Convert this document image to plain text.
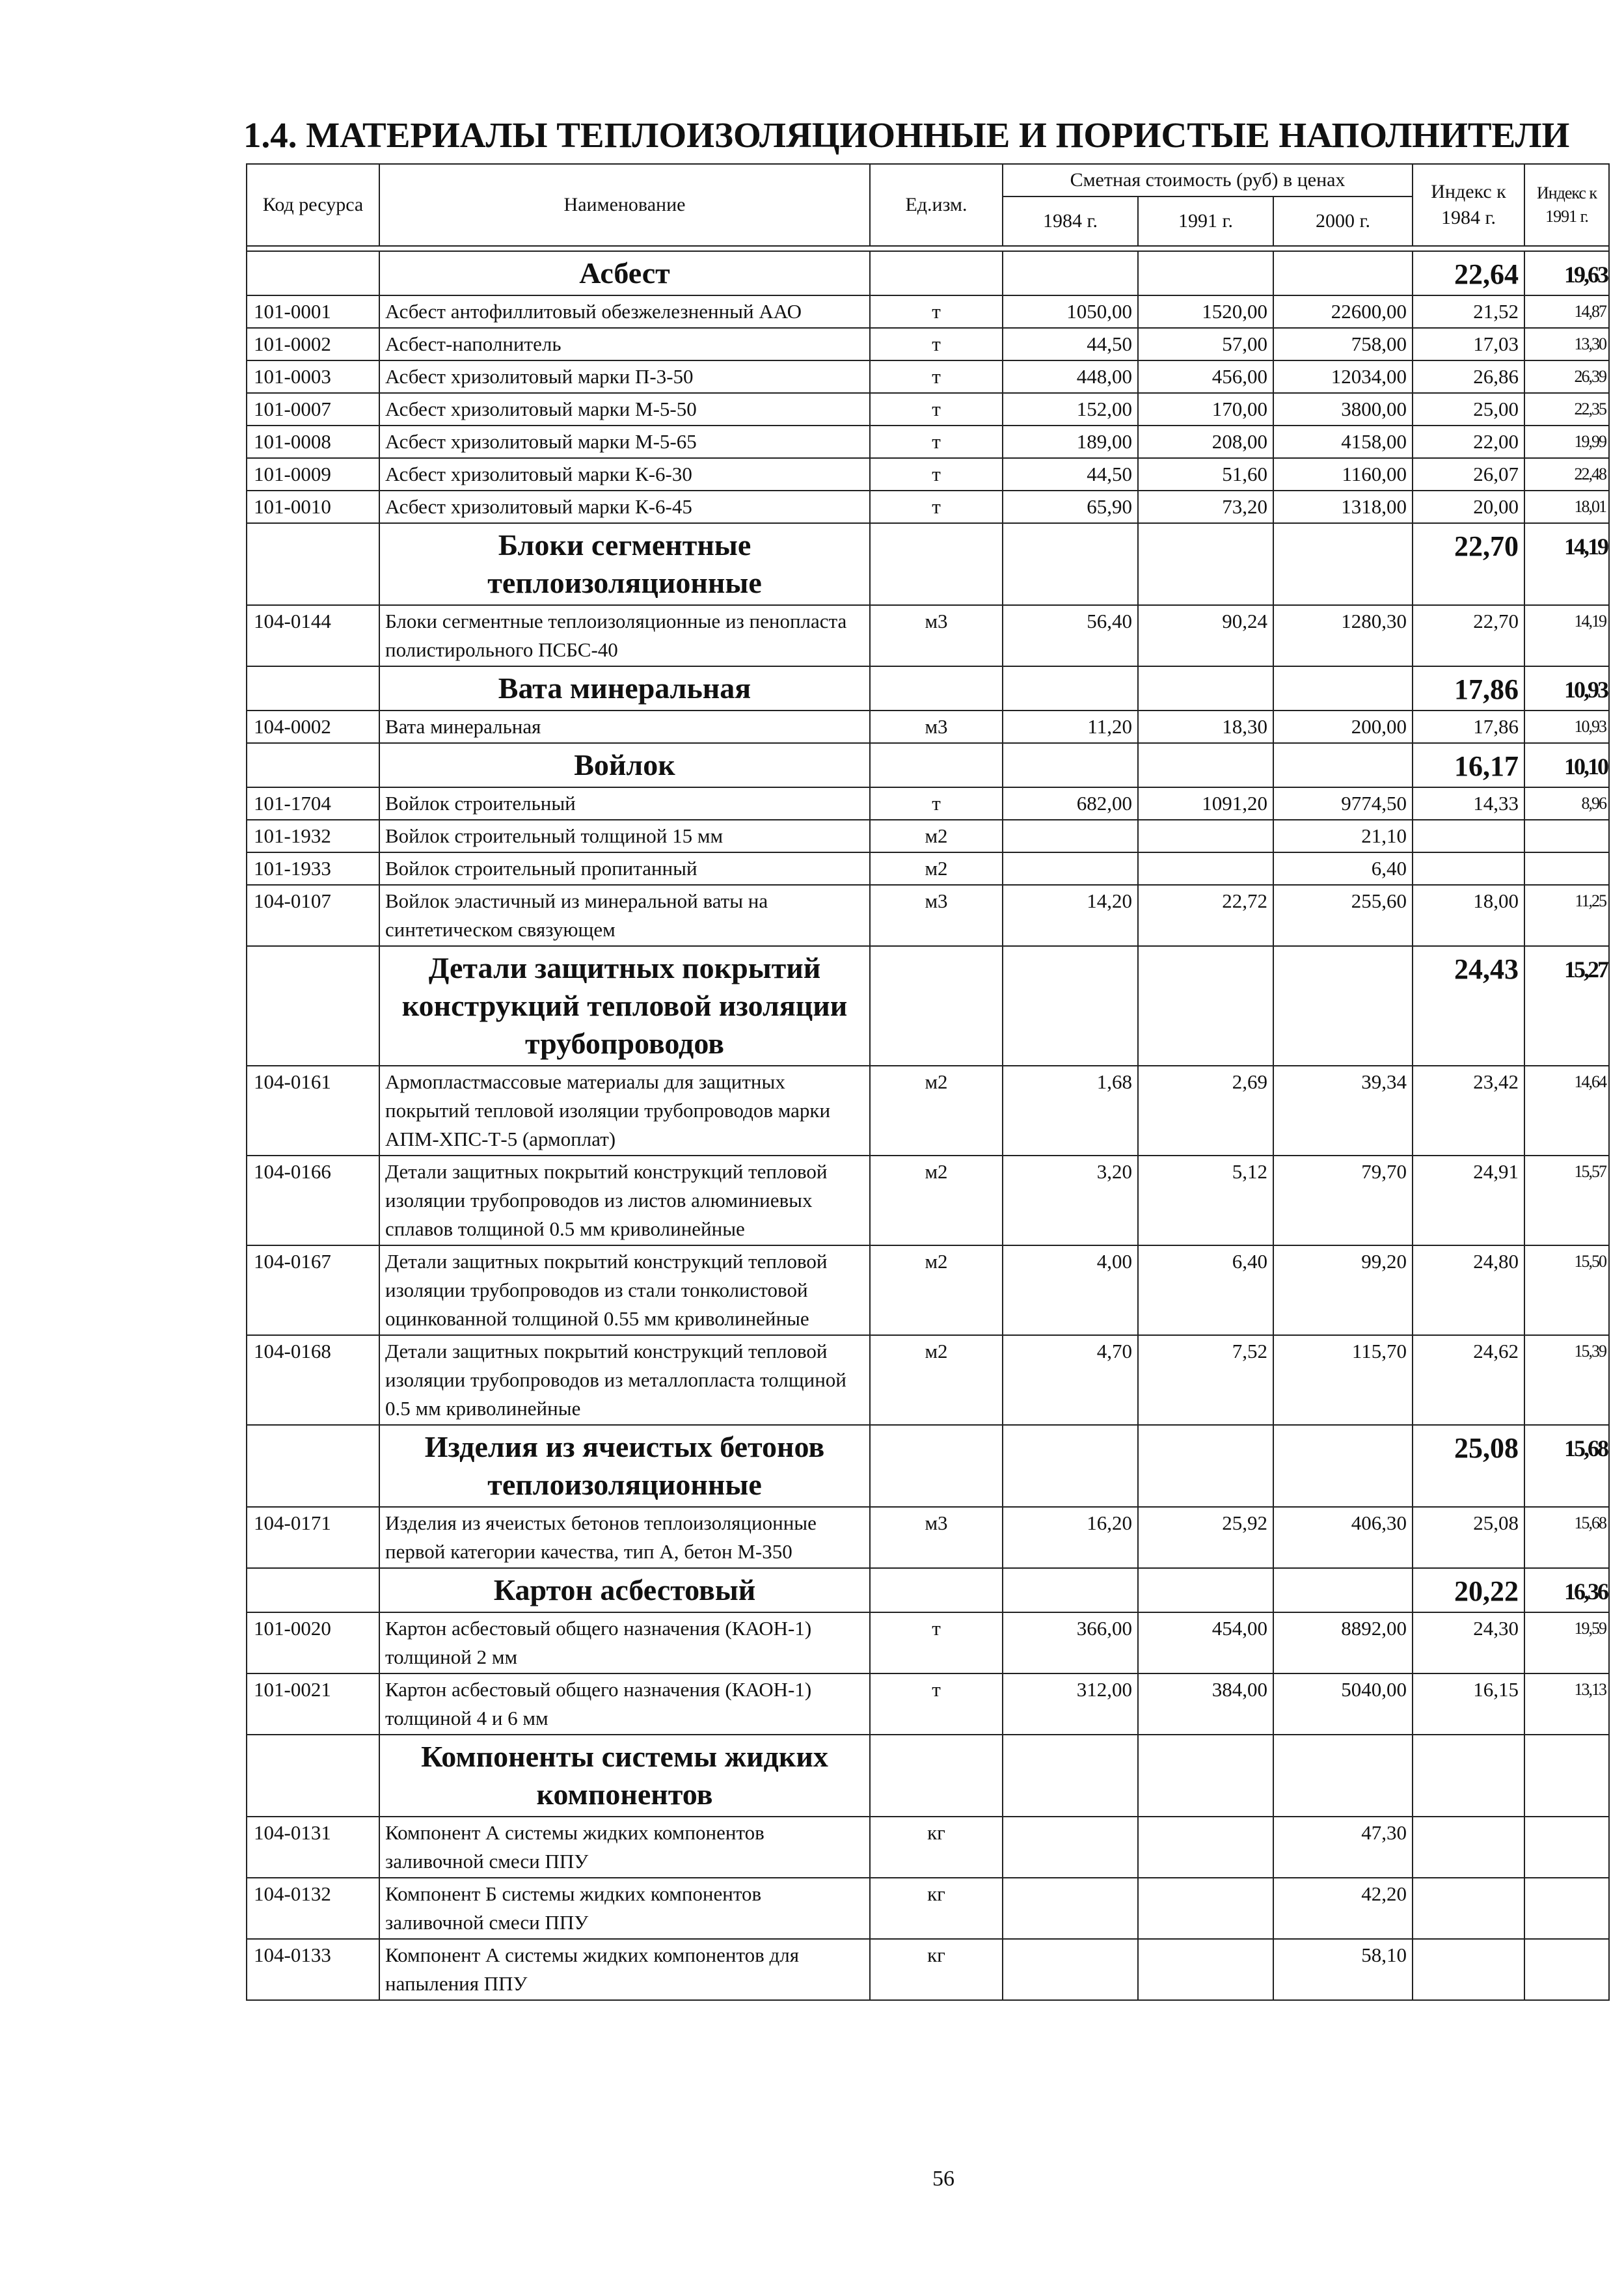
1.4. МАТЕРИАЛЫ ТЕПЛОИЗОЛЯЦИОННЫЕ И ПОРИСТЫЕ НАПОЛНИТЕЛИ
Код ресурса	Наименование	Ед.изм.	Сметная стоимость (руб) в ценах			Индекс к 1984 г.	Индекс к 1991 г.
			1984 г.	1991 г.	2000 г.		

	Асбест					22,64	19,63
101-0001	Асбест антофиллитовый обезжелезненный ААО	т	1050,00	1520,00	22600,00	21,52	14,87
101-0002	Асбест-наполнитель	т	44,50	57,00	758,00	17,03	13,30
101-0003	Асбест хризолитовый марки П-3-50	т	448,00	456,00	12034,00	26,86	26,39
101-0007	Асбест хризолитовый марки М-5-50	т	152,00	170,00	3800,00	25,00	22,35
101-0008	Асбест хризолитовый марки М-5-65	т	189,00	208,00	4158,00	22,00	19,99
101-0009	Асбест хризолитовый марки К-6-30	т	44,50	51,60	1160,00	26,07	22,48
101-0010	Асбест хризолитовый марки К-6-45	т	65,90	73,20	1318,00	20,00	18,01
	Блоки сегментные теплоизоляционные					22,70	14,19
104-0144	Блоки сегментные теплоизоляционные из пенопласта полистирольного ПСБС-40	м3	56,40	90,24	1280,30	22,70	14,19
	Вата минеральная					17,86	10,93
104-0002	Вата минеральная	м3	11,20	18,30	200,00	17,86	10,93
	Войлок					16,17	10,10
101-1704	Войлок строительный	т	682,00	1091,20	9774,50	14,33	8,96
101-1932	Войлок строительный толщиной 15 мм	м2			21,10		
101-1933	Войлок строительный пропитанный	м2			6,40		
104-0107	Войлок эластичный из минеральной ваты на синтетическом связующем	м3	14,20	22,72	255,60	18,00	11,25
	Детали защитных покрытий конструкций тепловой изоляции трубопроводов					24,43	15,27
104-0161	Армопластмассовые материалы для защитных покрытий тепловой изоляции трубопроводов марки АПМ-ХПС-Т-5 (армоплат)	м2	1,68	2,69	39,34	23,42	14,64
104-0166	Детали защитных покрытий конструкций тепловой изоляции трубопроводов из листов алюминиевых сплавов толщиной 0.5 мм криволинейные	м2	3,20	5,12	79,70	24,91	15,57
104-0167	Детали защитных покрытий конструкций тепловой изоляции трубопроводов из стали тонколистовой оцинкованной толщиной 0.55 мм криволинейные	м2	4,00	6,40	99,20	24,80	15,50
104-0168	Детали защитных покрытий конструкций тепловой изоляции трубопроводов из металлопласта толщиной 0.5 мм криволинейные	м2	4,70	7,52	115,70	24,62	15,39
	Изделия из ячеистых бетонов теплоизоляционные					25,08	15,68
104-0171	Изделия из ячеистых бетонов теплоизоляционные первой категории качества, тип А, бетон М-350	м3	16,20	25,92	406,30	25,08	15,68
	Картон асбестовый					20,22	16,36
101-0020	Картон асбестовый общего назначения (КАОН-1) толщиной 2 мм	т	366,00	454,00	8892,00	24,30	19,59
101-0021	Картон асбестовый общего назначения (КАОН-1) толщиной 4 и 6 мм	т	312,00	384,00	5040,00	16,15	13,13
	Компоненты системы жидких компонентов						
104-0131	Компонент А системы жидких компонентов заливочной смеси ППУ	кг			47,30		
104-0132	Компонент Б системы жидких компонентов заливочной смеси ППУ	кг			42,20		
104-0133	Компонент А системы жидких компонентов для напыления ППУ	кг			58,10		
56
